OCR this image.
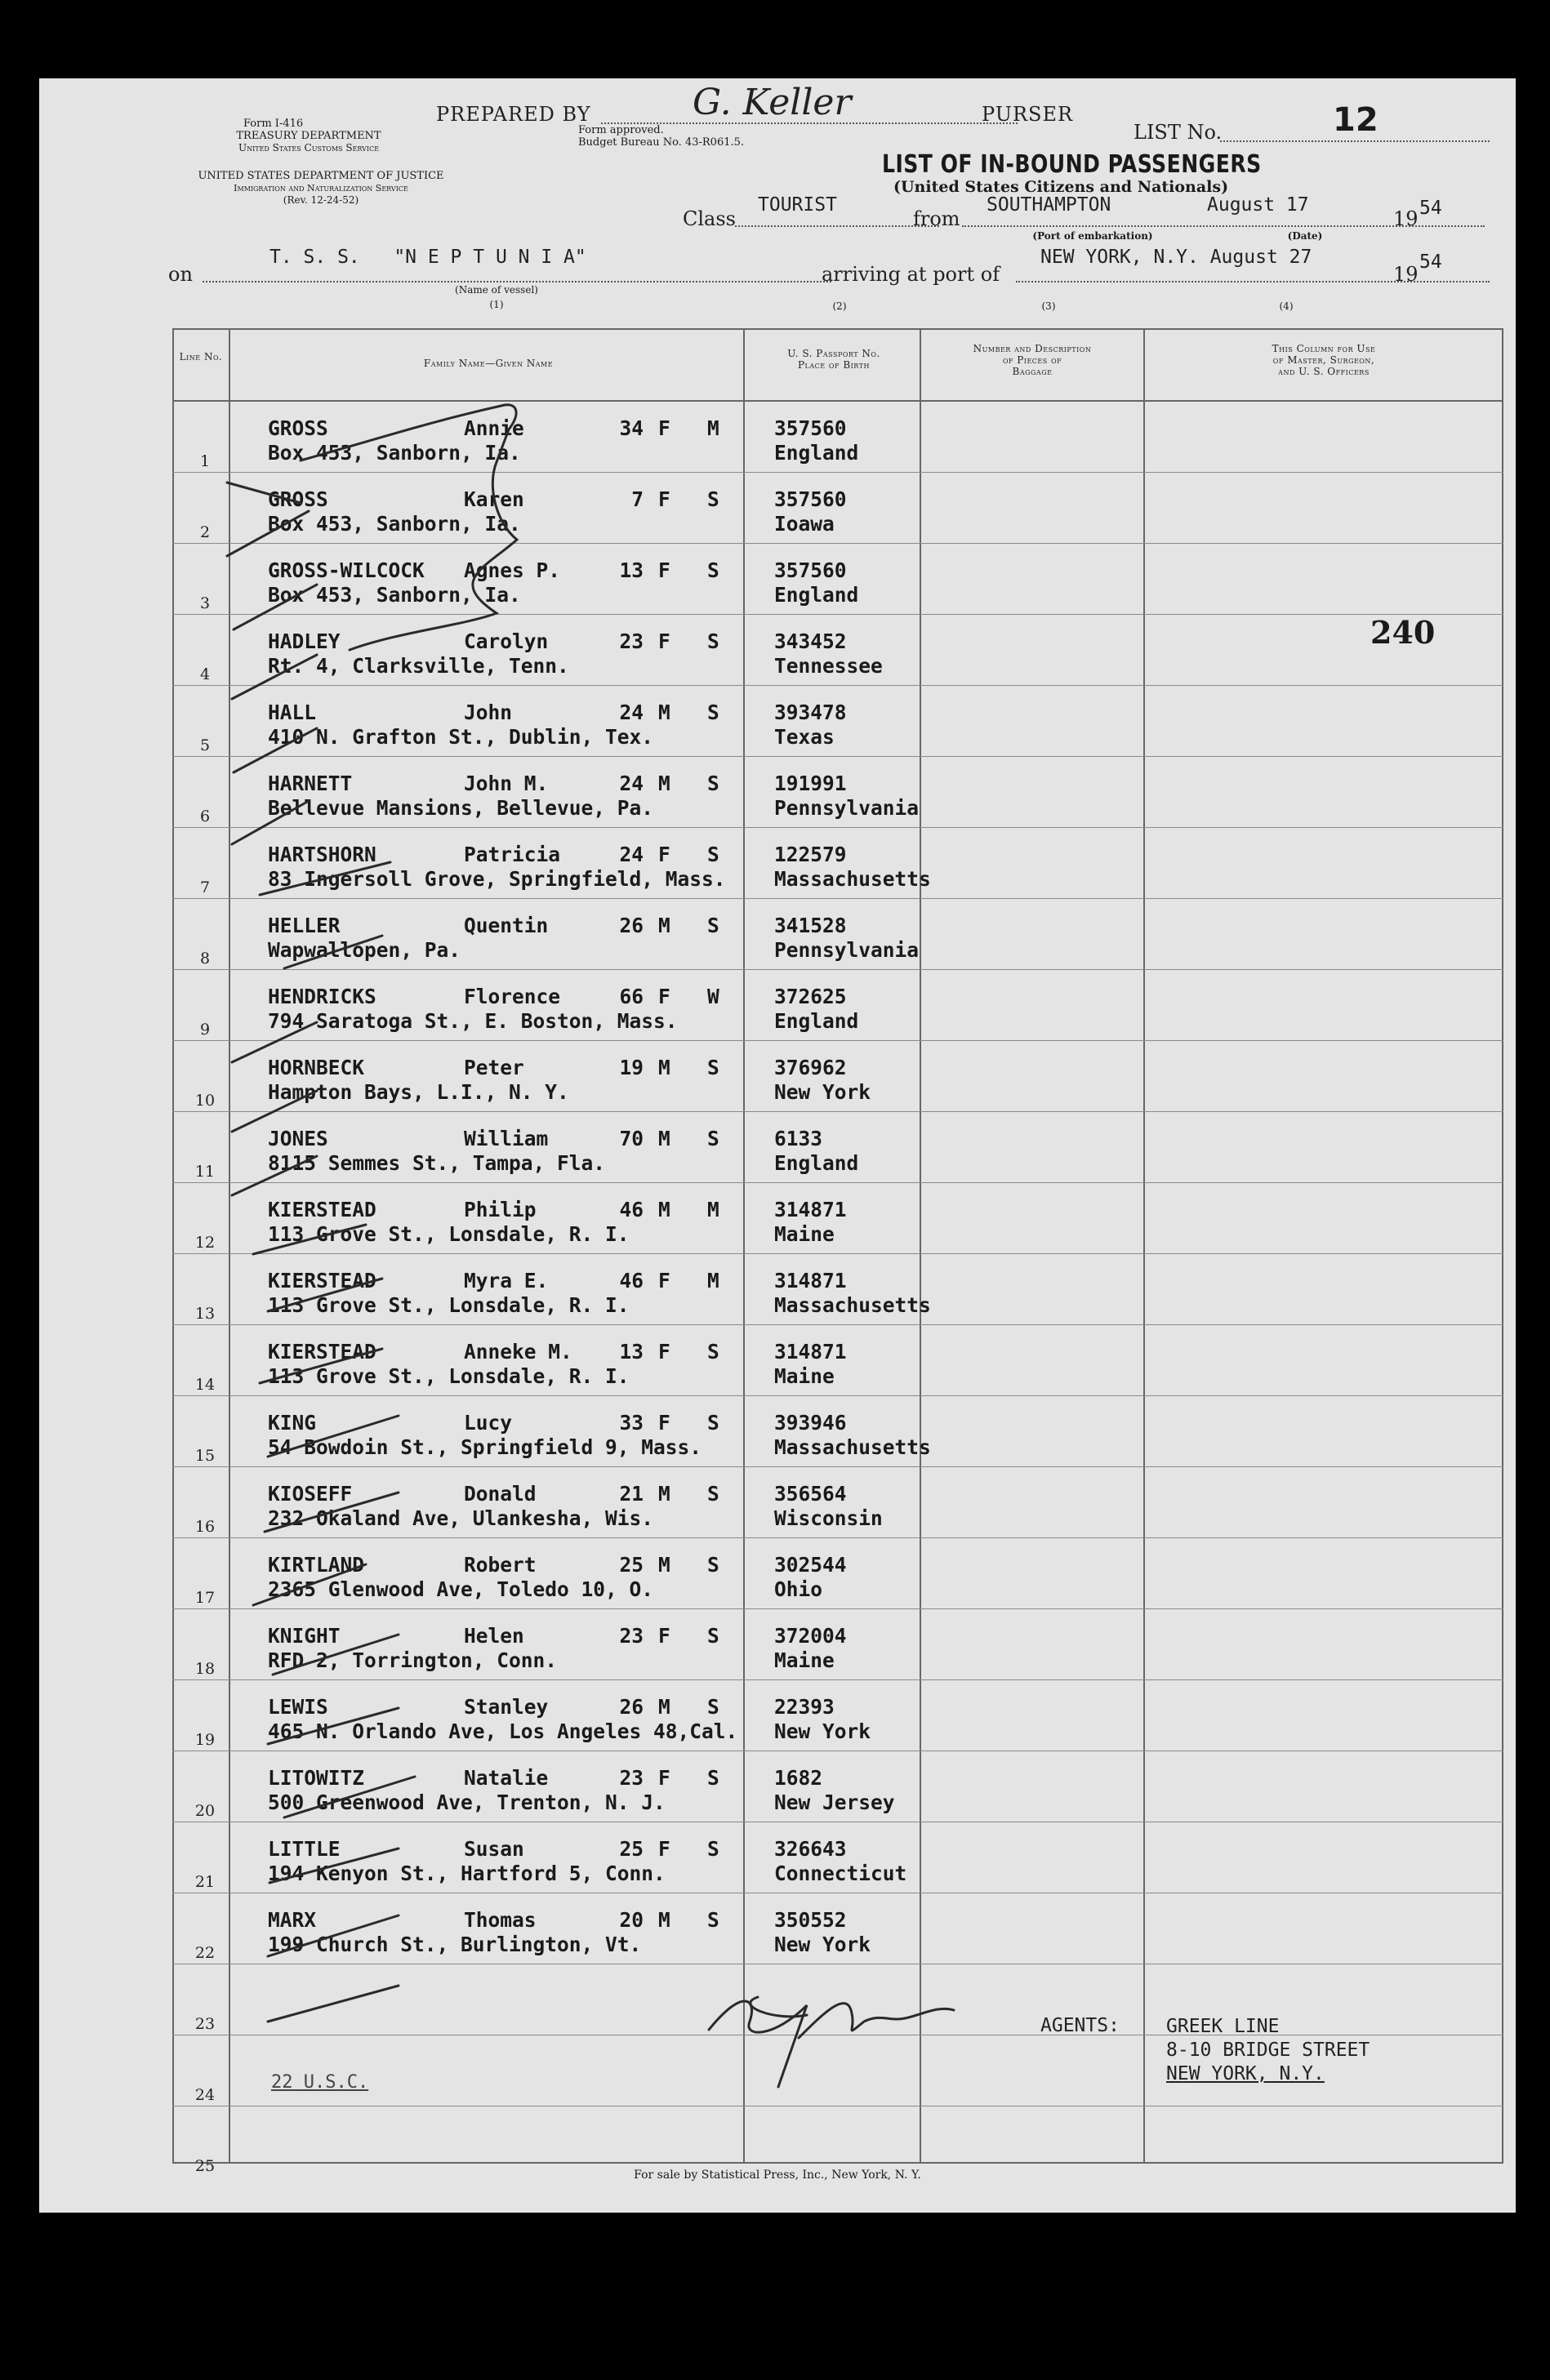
Form I-416
TREASURY DEPARTMENT
United States Customs Service
UNITED STATES DEPARTMENT OF JUSTICE
Immigration and Naturalization Service
(Rev. 12-24-52)
Form approved.
Budget Bureau No. 43-R061.5.
PREPARED BY	G. Keller	PURSER
LIST No.	12
LIST OF IN-BOUND PASSENGERS
(United States Citizens and Nationals)
Class
TOURIST
from
SOUTHAMPTON	August 17
19 54
(Port of embarkation)	(Date)
on
T. S. S.   "N E P T U N I A"
(Name of vessel)
(1)
arriving at port of
NEW YORK, N.Y. August 27
19
54
(2)	(3)	(4)
Line No.
Family Name—Given Name
U. S. Passport No.
Place of Birth
Number and Description
of Pieces of
Baggage
This Column for Use
of Master, Surgeon,
and U. S. Officers
1
GROSS	Annie	34 F M
Box 453, Sanborn, Ia.
357560
England
2
GROSS	Karen	7 F S
Box 453, Sanborn, Ia.
357560
Ioawa
3
GROSS-WILCOCK Agnes P.	13 F S
Box 453, Sanborn, Ia.
357560
England
4
HADLEY	Carolyn	23 F S
Rt. 4, Clarksville, Tenn.
343452
Tennessee
5
HALL	John	24 M S
410 N. Grafton St., Dublin, Tex.
393478
Texas
6
HARNETT	John M.	24 M S
Bellevue Mansions, Bellevue, Pa.
191991
Pennsylvania
7
HARTSHORN	Patricia	24 F S
83 Ingersoll Grove, Springfield, Mass.
122579
Massachusetts
8
HELLER	Quentin	26 M S
Wapwallopen, Pa.
341528
Pennsylvania
9
HENDRICKS	Florence	66 F W
794 Saratoga St., E. Boston, Mass.
372625
England
10
HORNBECK	Peter	19 M S
Hampton Bays, L.I., N. Y.
376962
New York
11
JONES	William	70 M S
8115 Semmes St., Tampa, Fla.
6133
England
12
KIERSTEAD	Philip	46 M M
113 Grove St., Lonsdale, R. I.
314871
Maine
13
KIERSTEAD	Myra E.	46 F M
113 Grove St., Lonsdale, R. I.
314871
Massachusetts
14
KIERSTEAD	Anneke M.	13 F S
113 Grove St., Lonsdale, R. I.
314871
Maine
15
KING	Lucy	33 F S
54 Bowdoin St., Springfield 9, Mass.
393946
Massachusetts
16
KIOSEFF	Donald	21 M S
232 Okaland Ave, Ulankesha, Wis.
356564
Wisconsin
17
KIRTLAND	Robert	25 M S
2365 Glenwood Ave, Toledo 10, O.
302544
Ohio
18
KNIGHT	Helen	23 F S
RFD 2, Torrington, Conn.
372004
Maine
19
LEWIS	Stanley	26 M S
465 N. Orlando Ave, Los Angeles 48,Cal.
22393
New York
20
LITOWITZ	Natalie	23 F S
500 Greenwood Ave, Trenton, N. J.
1682
New Jersey
21
LITTLE	Susan	25 F S
194 Kenyon St., Hartford 5, Conn.
326643
Connecticut
22
MARX	Thomas	20 M S
199 Church St., Burlington, Vt.
350552
New York
23
24
25
240
AGENTS: GREEK LINE
8-10 BRIDGE STREET
NEW YORK, N.Y.
22 U.S.C.
For sale by Statistical Press, Inc., New York, N. Y.
